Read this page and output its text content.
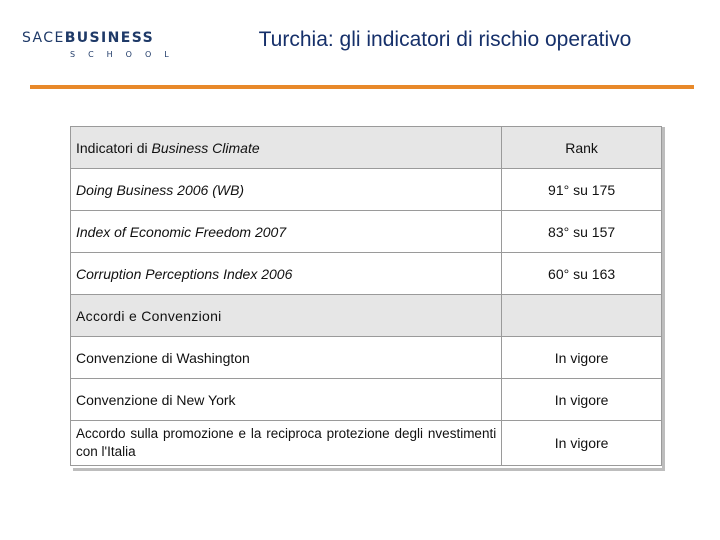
SACEBUSINESS
SCHOOL
Turchia: gli indicatori di rischio operativo
Indicatori di Business Climate	Rank
Doing Business 2006 (WB)	91° su 175
Index of Economic Freedom 2007	83° su 157
Corruption Perceptions Index 2006	60° su 163
Accordi e Convenzioni	
Convenzione di Washington	In vigore
Convenzione di New York	In vigore
Accordo sulla promozione e la reciproca protezione degli nvestimenti con l'Italia	In vigore
